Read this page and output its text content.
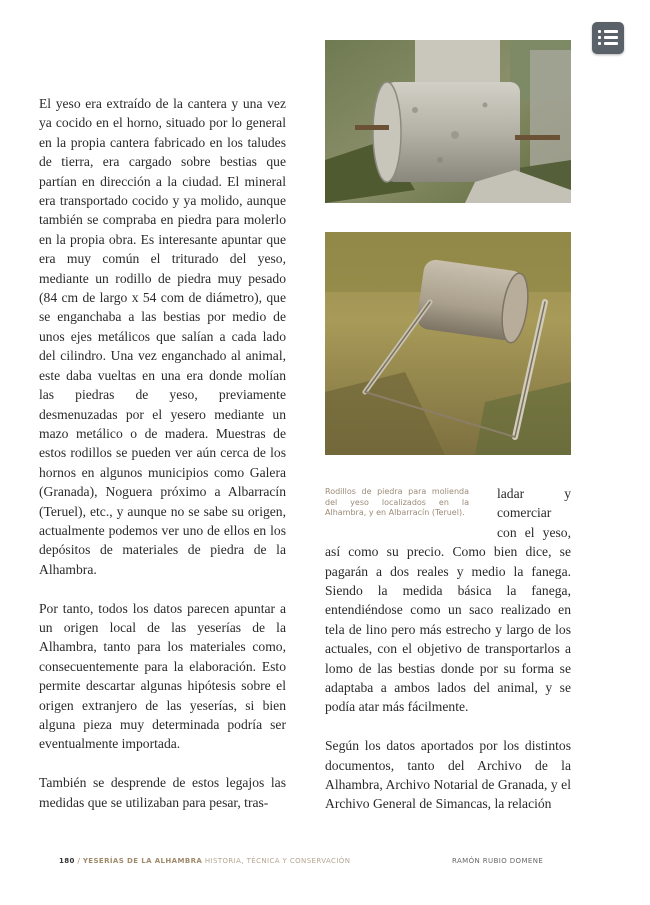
El yeso era extraído de la cantera y una vez ya cocido en el horno, situado por lo general en la propia cantera fabricado en los taludes de tierra, era cargado sobre bestias que partían en dirección a la ciudad. El mineral era transportado cocido y ya molido, aunque también se compraba en piedra para molerlo en la propia obra. Es interesante apuntar que era muy común el triturado del yeso, mediante un rodillo de piedra muy pesado (84 cm de largo x 54 com de diámetro), que se enganchaba a las bestias por medio de unos ejes metálicos que salían a cada lado del cilindro. Una vez enganchado al animal, este daba vueltas en una era donde molían las piedras de yeso, previamente desmenuzadas por el yesero mediante un mazo metálico o de madera. Muestras de estos rodillos se pueden ver aún cerca de los hornos en algunos municipios como Galera (Granada), Noguera próximo a Albarracín (Teruel), etc., y aunque no se sabe su origen, actualmente podemos ver uno de ellos en los depósitos de materiales de piedra de la Alhambra.

Por tanto, todos los datos parecen apuntar a un origen local de las yeserías de la Alhambra, tanto para los materiales como, consecuentemente para la elaboración. Esto permite descartar algunas hipótesis sobre el origen extranjero de las yeserías, si bien alguna pieza muy determinada podría ser eventualmente importada.

También se desprende de estos legajos las medidas que se utilizaban para pesar, tras-

Rodillos de piedra para molienda del yeso localizados en la Alhambra, y en Albarracín (Teruel).

ladar y comerciar con el yeso, así como su precio. Como bien dice, se pagarán a dos reales y medio la fanega. Siendo la medida básica la fanega, entendiéndose como un saco realizado en tela de lino pero más estrecho y largo de los actuales, con el objetivo de transportarlos a lomo de las bestias donde por su forma se adaptaba a ambos lados del animal, y se podía atar más fácilmente.

Según los datos aportados por los distintos documentos, tanto del Archivo de la Alhambra, Archivo Notarial de Granada, y el Archivo General de Simancas, la relación

180 / YESERÍAS DE LA ALHAMBRA HISTORIA, TÉCNICA Y CONSERVACIÓN	RAMÓN RUBIO DOMENE
